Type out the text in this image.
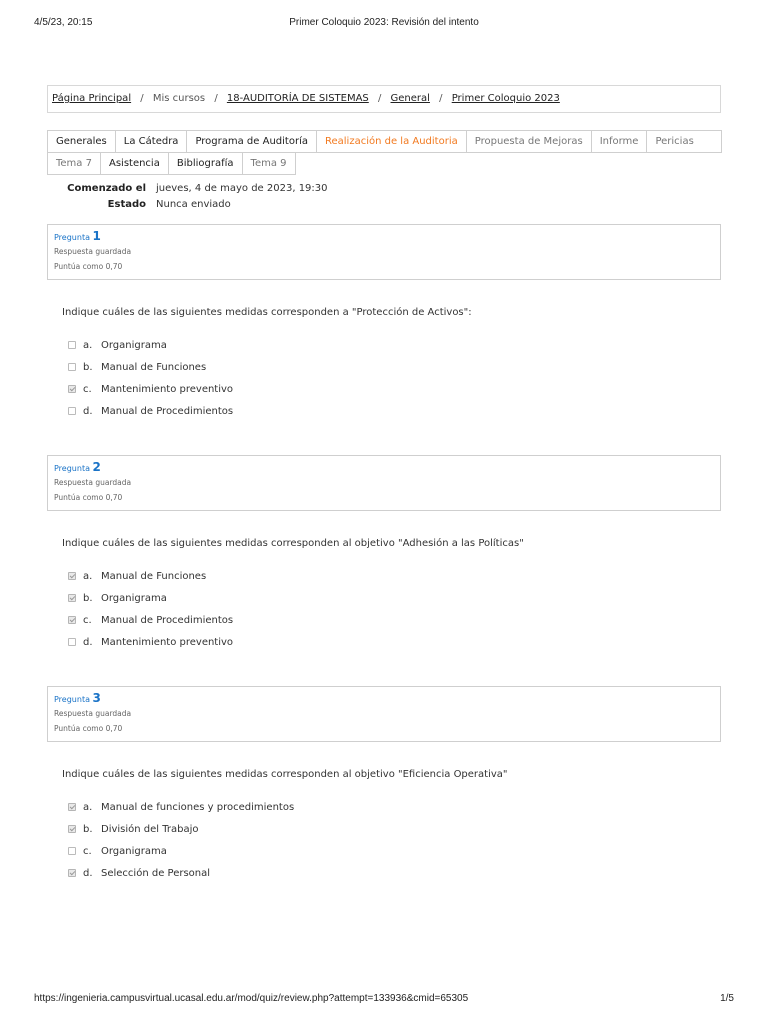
4/5/23, 20:15	Primer Coloquio 2023: Revisión del intento
Página Principal / Mis cursos / 18-AUDITORÍA DE SISTEMAS / General / Primer Coloquio 2023
Generales	La Cátedra	Programa de Auditoría	Realización de la Auditoria	Propuesta de Mejoras	Informe	Pericias
Tema 7	Asistencia	Bibliografía	Tema 9
Comenzado el jueves, 4 de mayo de 2023, 19:30
Estado Nunca enviado
Pregunta 1
Respuesta guardada
Puntúa como 0,70
Indique cuáles de las siguientes medidas corresponden a "Protección de Activos":
a. Organigrama
b. Manual de Funciones
c. Mantenimiento preventivo
d. Manual de Procedimientos
Pregunta 2
Respuesta guardada
Puntúa como 0,70
Indique cuáles de las siguientes medidas corresponden al objetivo "Adhesión a las Políticas"
a. Manual de Funciones
b. Organigrama
c. Manual de Procedimientos
d. Mantenimiento preventivo
Pregunta 3
Respuesta guardada
Puntúa como 0,70
Indique cuáles de las siguientes medidas corresponden al objetivo "Eficiencia Operativa"
a. Manual de funciones y procedimientos
b. División del Trabajo
c. Organigrama
d. Selección de Personal
https://ingenieria.campusvirtual.ucasal.edu.ar/mod/quiz/review.php?attempt=133936&cmid=65305	1/5
